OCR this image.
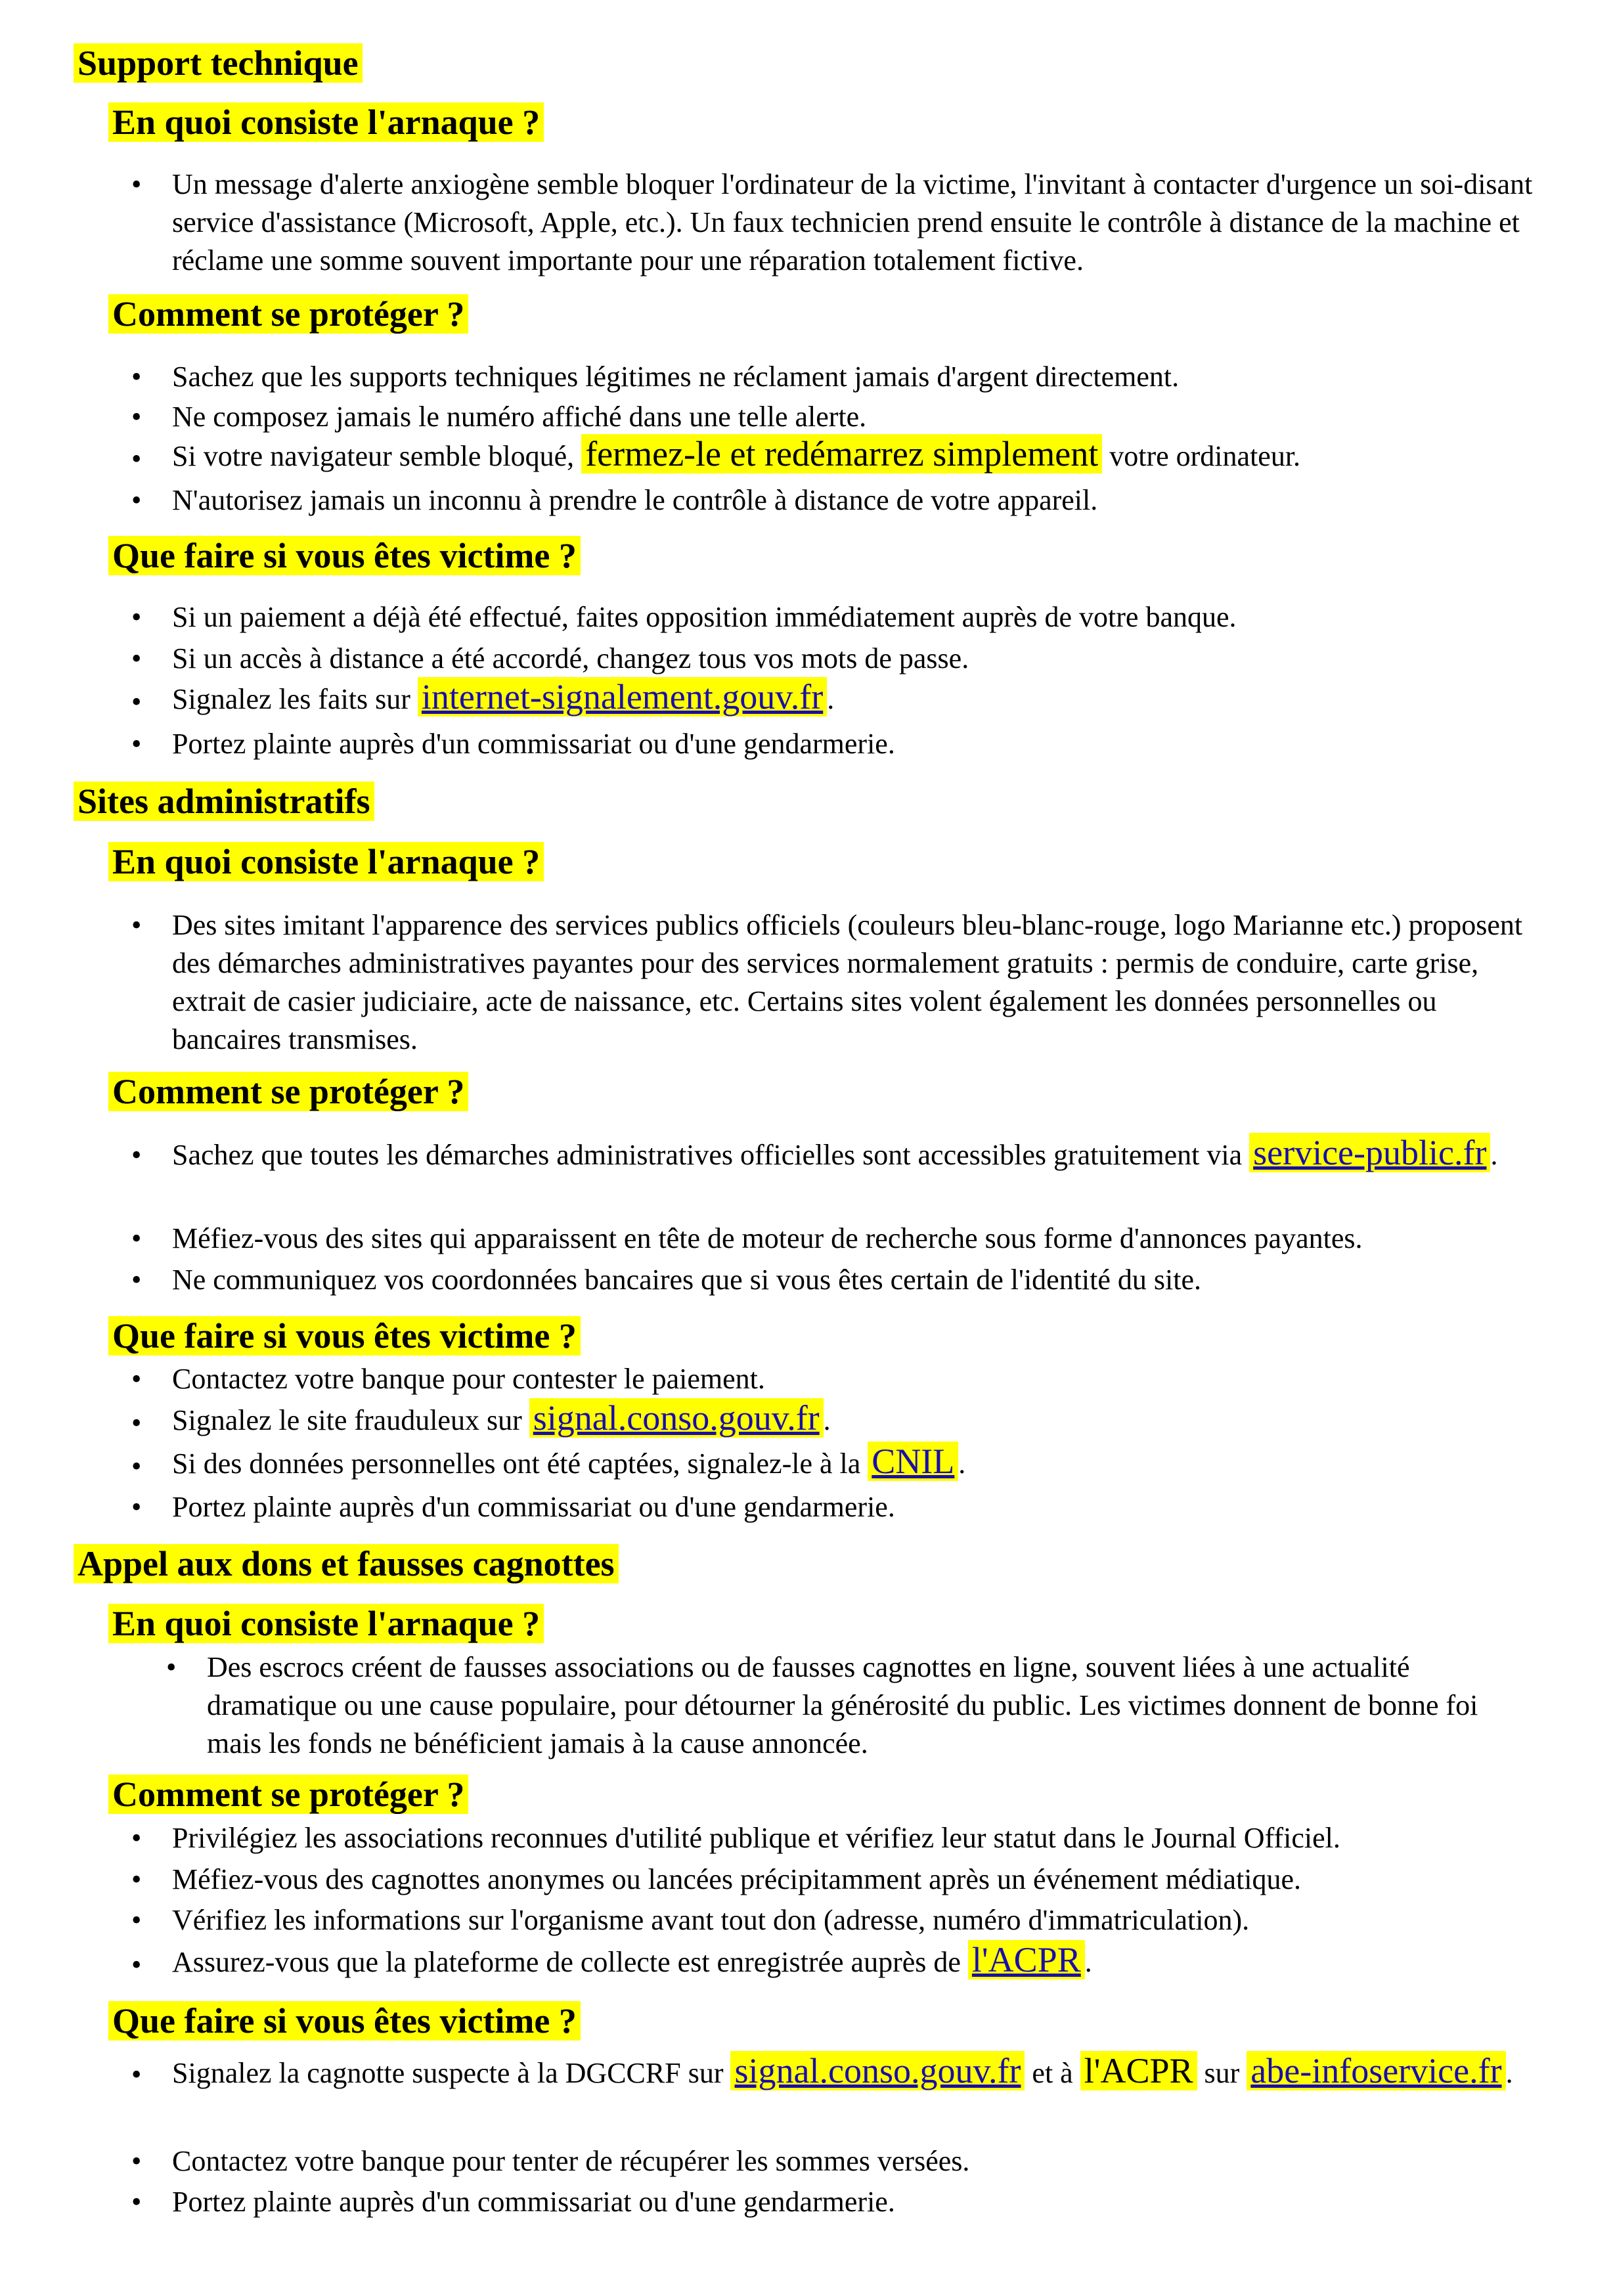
Support technique
En quoi consiste l'arnaque ?
• Un message d'alerte anxiogène semble bloquer l'ordinateur de la victime, l'invitant à contacter d'urgence un soi-disant service d'assistance (Microsoft, Apple, etc.). Un faux technicien prend ensuite le contrôle à distance de la machine et réclame une somme souvent importante pour une réparation totalement fictive.
Comment se protéger ?
• Sachez que les supports techniques légitimes ne réclament jamais d'argent directement.
• Ne composez jamais le numéro affiché dans une telle alerte.
• Si votre navigateur semble bloqué, fermez-le et redémarrez simplement votre ordinateur.
• N'autorisez jamais un inconnu à prendre le contrôle à distance de votre appareil.
Que faire si vous êtes victime ?
• Si un paiement a déjà été effectué, faites opposition immédiatement auprès de votre banque.
• Si un accès à distance a été accordé, changez tous vos mots de passe.
• Signalez les faits sur internet-signalement.gouv.fr .
• Portez plainte auprès d'un commissariat ou d'une gendarmerie.
Sites administratifs
En quoi consiste l'arnaque ?
• Des sites imitant l'apparence des services publics officiels (couleurs bleu-blanc-rouge, logo Marianne etc.) proposent des démarches administratives payantes pour des services normalement gratuits : permis de conduire, carte grise, extrait de casier judiciaire, acte de naissance, etc. Certains sites volent également les données personnelles ou bancaires transmises.
Comment se protéger ?
• Sachez que toutes les démarches administratives officielles sont accessibles gratuitement via service-public.fr .
• Méfiez-vous des sites qui apparaissent en tête de moteur de recherche sous forme d'annonces payantes.
• Ne communiquez vos coordonnées bancaires que si vous êtes certain de l'identité du site.
Que faire si vous êtes victime ?
• Contactez votre banque pour contester le paiement.
• Signalez le site frauduleux sur signal.conso.gouv.fr .
• Si des données personnelles ont été captées, signalez-le à la CNIL .
• Portez plainte auprès d'un commissariat ou d'une gendarmerie.
Appel aux dons et fausses cagnottes
En quoi consiste l'arnaque ?
• Des escrocs créent de fausses associations ou de fausses cagnottes en ligne, souvent liées à une actualité dramatique ou une cause populaire, pour détourner la générosité du public. Les victimes donnent de bonne foi mais les fonds ne bénéficient jamais à la cause annoncée.
Comment se protéger ?
• Privilégiez les associations reconnues d'utilité publique et vérifiez leur statut dans le Journal Officiel.
• Méfiez-vous des cagnottes anonymes ou lancées précipitamment après un événement médiatique.
• Vérifiez les informations sur l'organisme avant tout don (adresse, numéro d'immatriculation).
• Assurez-vous que la plateforme de collecte est enregistrée auprès de l'ACPR .
Que faire si vous êtes victime ?
• Signalez la cagnotte suspecte à la DGCCRF sur signal.conso.gouv.fr et à l'ACPR sur abe-infoservice.fr .
• Contactez votre banque pour tenter de récupérer les sommes versées.
• Portez plainte auprès d'un commissariat ou d'une gendarmerie.
